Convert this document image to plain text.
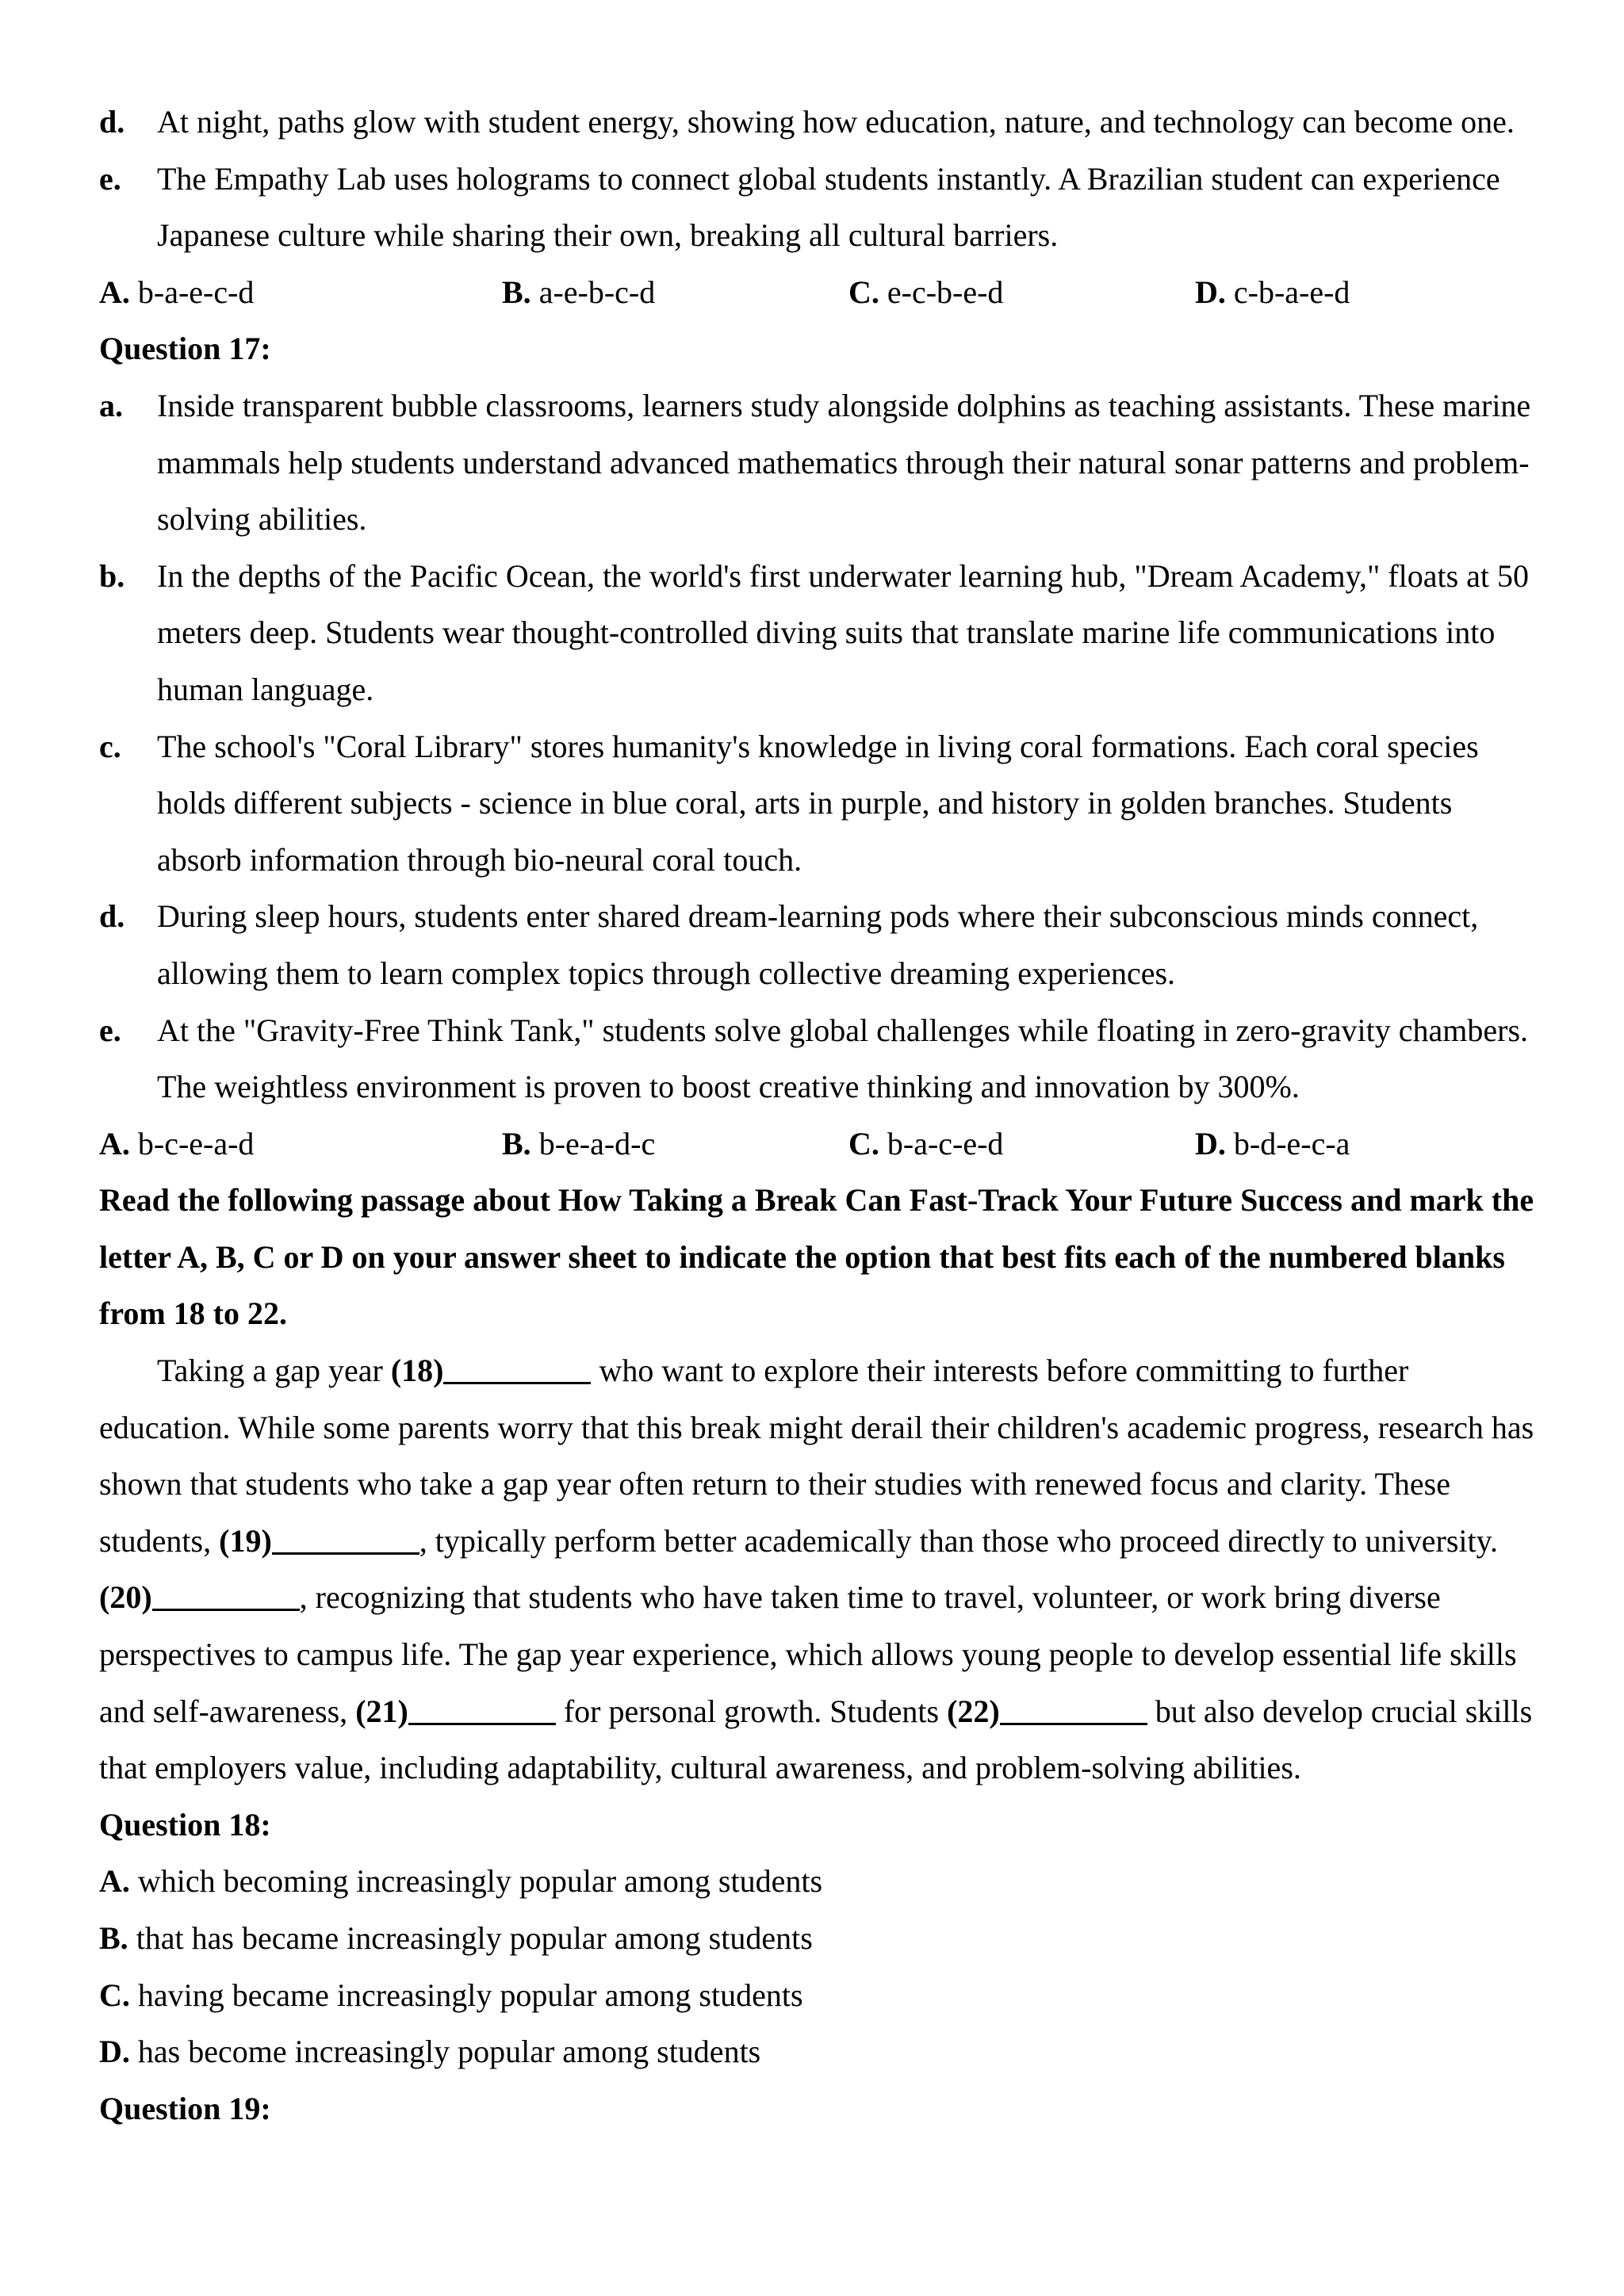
d.	At night, paths glow with student energy, showing how education, nature, and technology can become one.
e.	The Empathy Lab uses holograms to connect global students instantly. A Brazilian student can experience Japanese culture while sharing their own, breaking all cultural barriers.
A. b-a-e-c-d	B. a-e-b-c-d	C. e-c-b-e-d	D. c-b-a-e-d
Question 17:
a.	Inside transparent bubble classrooms, learners study alongside dolphins as teaching assistants. These marine mammals help students understand advanced mathematics through their natural sonar patterns and problem-solving abilities.
b.	In the depths of the Pacific Ocean, the world's first underwater learning hub, "Dream Academy," floats at 50 meters deep. Students wear thought-controlled diving suits that translate marine life communications into human language.
c.	The school's "Coral Library" stores humanity's knowledge in living coral formations. Each coral species holds different subjects - science in blue coral, arts in purple, and history in golden branches. Students absorb information through bio-neural coral touch.
d.	During sleep hours, students enter shared dream-learning pods where their subconscious minds connect, allowing them to learn complex topics through collective dreaming experiences.
e.	At the "Gravity-Free Think Tank," students solve global challenges while floating in zero-gravity chambers. The weightless environment is proven to boost creative thinking and innovation by 300%.
A. b-c-e-a-d	B. b-e-a-d-c	C. b-a-c-e-d	D. b-d-e-c-a
Read the following passage about How Taking a Break Can Fast-Track Your Future Success and mark the letter A, B, C or D on your answer sheet to indicate the option that best fits each of the numbered blanks from 18 to 22.
Taking a gap year (18)	who want to explore their interests before committing to further education. While some parents worry that this break might derail their children's academic progress, research has shown that students who take a gap year often return to their studies with renewed focus and clarity. These students, (19)	, typically perform better academically than those who proceed directly to university. (20)	, recognizing that students who have taken time to travel, volunteer, or work bring diverse perspectives to campus life. The gap year experience, which allows young people to develop essential life skills and self-awareness, (21)	for personal growth. Students (22)	but also develop crucial skills that employers value, including adaptability, cultural awareness, and problem-solving abilities.
Question 18:
A. which becoming increasingly popular among students
B. that has became increasingly popular among students
C. having became increasingly popular among students
D. has become increasingly popular among students
Question 19:
